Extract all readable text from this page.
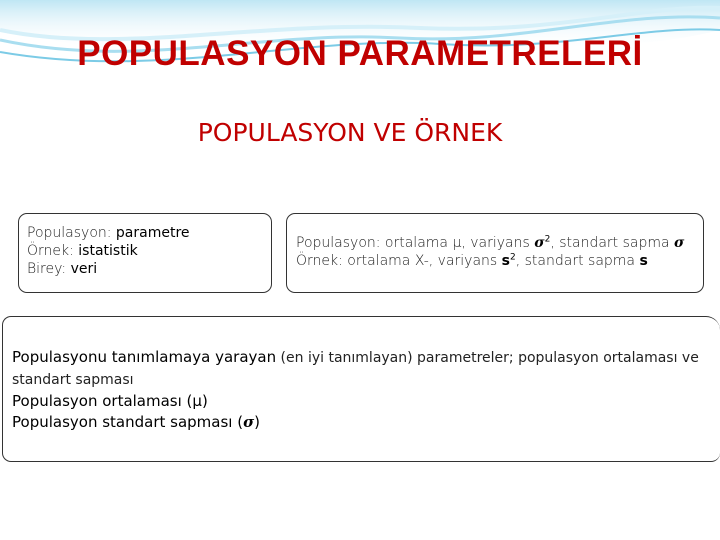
POPULASYON PARAMETRELERİ
POPULASYON VE ÖRNEK
Populasyon: parametre
Örnek: istatistik
Birey: veri
Populasyon: ortalama µ, variyans $\sigma^2$, standart sapma σ
Örnek: ortalama X-, variyans $s^2$, standart sapma s
Populasyonu tanımlamaya yarayan (en iyi tanımlayan) parametreler; populasyon ortalaması ve standart sapması
Populasyon ortalaması (µ)
Populasyon standart sapması (σ)
